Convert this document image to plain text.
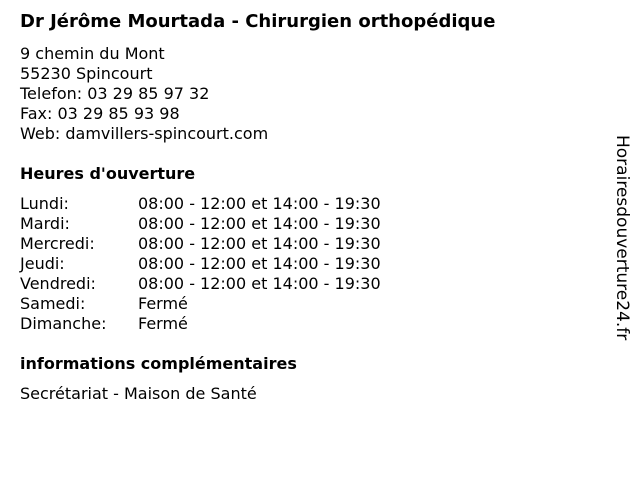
Dr Jérôme Mourtada - Chirurgien orthopédique
9 chemin du Mont
55230 Spincourt
Telefon: 03 29 85 97 32
Fax: 03 29 85 93 98
Web: damvillers-spincourt.com
Heures d'ouverture
Lundi:	08:00 - 12:00 et 14:00 - 19:30
Mardi:	08:00 - 12:00 et 14:00 - 19:30
Mercredi:	08:00 - 12:00 et 14:00 - 19:30
Jeudi:	08:00 - 12:00 et 14:00 - 19:30
Vendredi:	08:00 - 12:00 et 14:00 - 19:30
Samedi:	Fermé
Dimanche:	Fermé
informations complémentaires
Secrétariat - Maison de Santé
Horairesdouverture24.fr
